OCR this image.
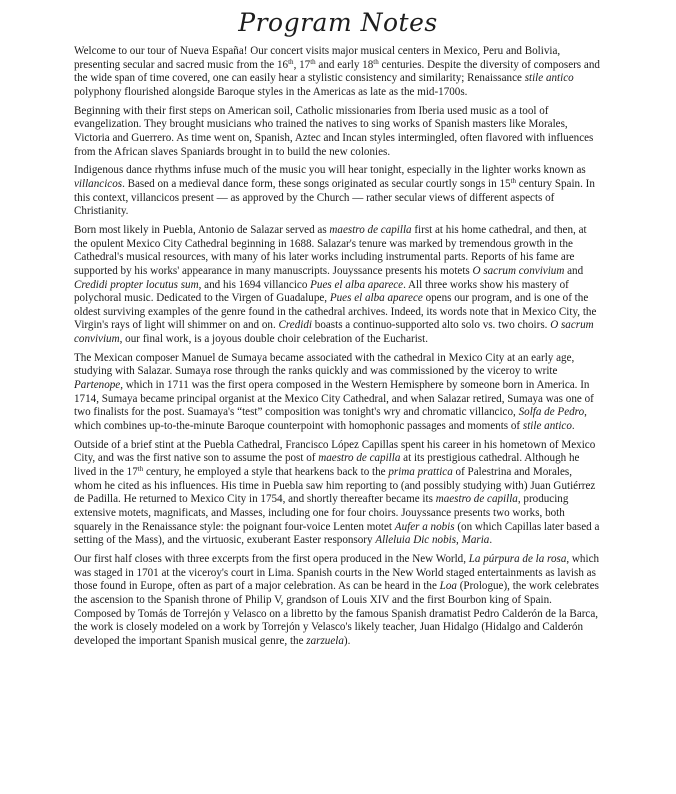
Program Notes

Welcome to our tour of Nueva España! Our concert visits major musical centers in Mexico, Peru and Bolivia, presenting secular and sacred music from the 16th, 17th and early 18th centuries. Despite the diversity of composers and the wide span of time covered, one can easily hear a stylistic consistency and similarity; Renaissance stile antico polyphony flourished alongside Baroque styles in the Americas as late as the mid-1700s.

Beginning with their first steps on American soil, Catholic missionaries from Iberia used music as a tool of evangelization. They brought musicians who trained the natives to sing works of Spanish masters like Morales, Victoria and Guerrero. As time went on, Spanish, Aztec and Incan styles intermingled, often flavored with influences from the African slaves Spaniards brought in to build the new colonies.

Indigenous dance rhythms infuse much of the music you will hear tonight, especially in the lighter works known as villancicos. Based on a medieval dance form, these songs originated as secular courtly songs in 15th century Spain. In this context, villancicos present — as approved by the Church — rather secular views of different aspects of Christianity.

Born most likely in Puebla, Antonio de Salazar served as maestro de capilla first at his home cathedral, and then, at the opulent Mexico City Cathedral beginning in 1688. Salazar's tenure was marked by tremendous growth in the Cathedral's musical resources, with many of his later works including instrumental parts. Reports of his fame are supported by his works' appearance in many manuscripts. Jouyssance presents his motets O sacrum convivium and Credidi propter locutus sum, and his 1694 villancico Pues el alba aparece. All three works show his mastery of polychoral music. Dedicated to the Virgen of Guadalupe, Pues el alba aparece opens our program, and is one of the oldest surviving examples of the genre found in the cathedral archives. Indeed, its words note that in Mexico City, the Virgin's rays of light will shimmer on and on. Credidi boasts a continuo-supported alto solo vs. two choirs. O sacrum convivium, our final work, is a joyous double choir celebration of the Eucharist.

The Mexican composer Manuel de Sumaya became associated with the cathedral in Mexico City at an early age, studying with Salazar. Sumaya rose through the ranks quickly and was commissioned by the viceroy to write Partenope, which in 1711 was the first opera composed in the Western Hemisphere by someone born in America. In 1714, Sumaya became principal organist at the Mexico City Cathedral, and when Salazar retired, Sumaya was one of two finalists for the post. Suamaya's “test” composition was tonight's wry and chromatic villancico, Solfa de Pedro, which combines up-to-the-minute Baroque counterpoint with homophonic passages and moments of stile antico.

Outside of a brief stint at the Puebla Cathedral, Francisco López Capillas spent his career in his hometown of Mexico City, and was the first native son to assume the post of maestro de capilla at its prestigious cathedral. Although he lived in the 17th century, he employed a style that hearkens back to the prima prattica of Palestrina and Morales, whom he cited as his influences. His time in Puebla saw him reporting to (and possibly studying with) Juan Gutiérrez de Padilla. He returned to Mexico City in 1754, and shortly thereafter became its maestro de capilla, producing extensive motets, magnificats, and Masses, including one for four choirs. Jouyssance presents two works, both squarely in the Renaissance style: the poignant four-voice Lenten motet Aufer a nobis (on which Capillas later based a setting of the Mass), and the virtuosic, exuberant Easter responsory Alleluia Dic nobis, Maria.

Our first half closes with three excerpts from the first opera produced in the New World, La púrpura de la rosa, which was staged in 1701 at the viceroy's court in Lima. Spanish courts in the New World staged entertainments as lavish as those found in Europe, often as part of a major celebration. As can be heard in the Loa (Prologue), the work celebrates the ascension to the Spanish throne of Philip V, grandson of Louis XIV and the first Bourbon king of Spain. Composed by Tomás de Torrejón y Velasco on a libretto by the famous Spanish dramatist Pedro Calderón de la Barca, the work is closely modeled on a work by Torrejón y Velasco's likely teacher, Juan Hidalgo (Hidalgo and Calderón developed the important Spanish musical genre, the zarzuela).
